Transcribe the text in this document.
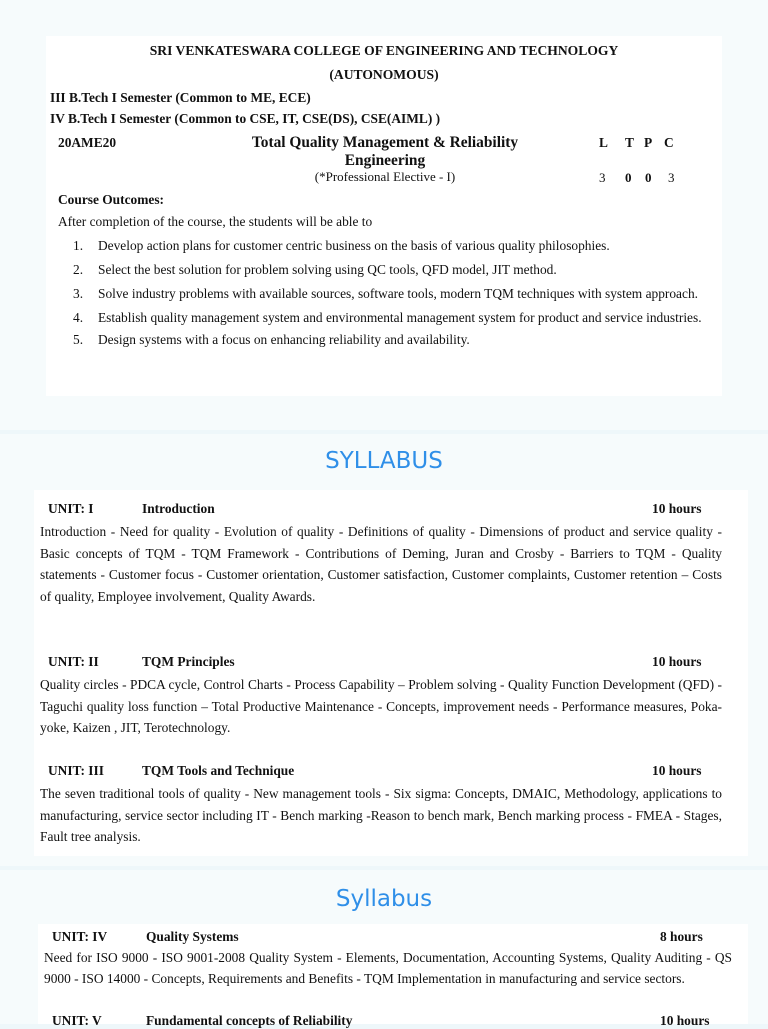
SRI VENKATESWARA COLLEGE OF ENGINEERING AND TECHNOLOGY
(AUTONOMOUS)
III B.Tech I Semester (Common to ME, ECE)
IV B.Tech I Semester (Common to CSE, IT, CSE(DS), CSE(AIML) )
20AME20	Total Quality Management & Reliability
Engineering
(*Professional Elective - I)
L T P C
3 0 0 3
Course Outcomes:
After completion of the course, the students will be able to
1. Develop action plans for customer centric business on the basis of various quality philosophies.
2. Select the best solution for problem solving using QC tools, QFD model, JIT method.
3. Solve industry problems with available sources, software tools, modern TQM techniques with system approach.
4. Establish quality management system and environmental management system for product and service industries.
5. Design systems with a focus on enhancing reliability and availability.
SYLLABUS
UNIT: I	Introduction	10 hours
Introduction - Need for quality - Evolution of quality - Definitions of quality - Dimensions of product and service quality - Basic concepts of TQM - TQM Framework - Contributions of Deming, Juran and Crosby - Barriers to TQM - Quality statements - Customer focus - Customer orientation, Customer satisfaction, Customer complaints, Customer retention – Costs of quality, Employee involvement, Quality Awards.
UNIT: II	TQM Principles	10 hours
Quality circles - PDCA cycle, Control Charts - Process Capability – Problem solving - Quality Function Development (QFD) - Taguchi quality loss function – Total Productive Maintenance - Concepts, improvement needs - Performance measures, Poka-yoke, Kaizen , JIT, Terotechnology.
UNIT: III	TQM Tools and Technique	10 hours
The seven traditional tools of quality - New management tools - Six sigma: Concepts, DMAIC, Methodology, applications to manufacturing, service sector including IT - Bench marking -Reason to bench mark, Bench marking process - FMEA - Stages, Fault tree analysis.
Syllabus
UNIT: IV	Quality Systems	8 hours
Need for ISO 9000 - ISO 9001-2008 Quality System - Elements, Documentation, Accounting Systems, Quality Auditing - QS 9000 - ISO 14000 - Concepts, Requirements and Benefits - TQM Implementation in manufacturing and service sectors.
UNIT: V	Fundamental concepts of Reliability	10 hours
